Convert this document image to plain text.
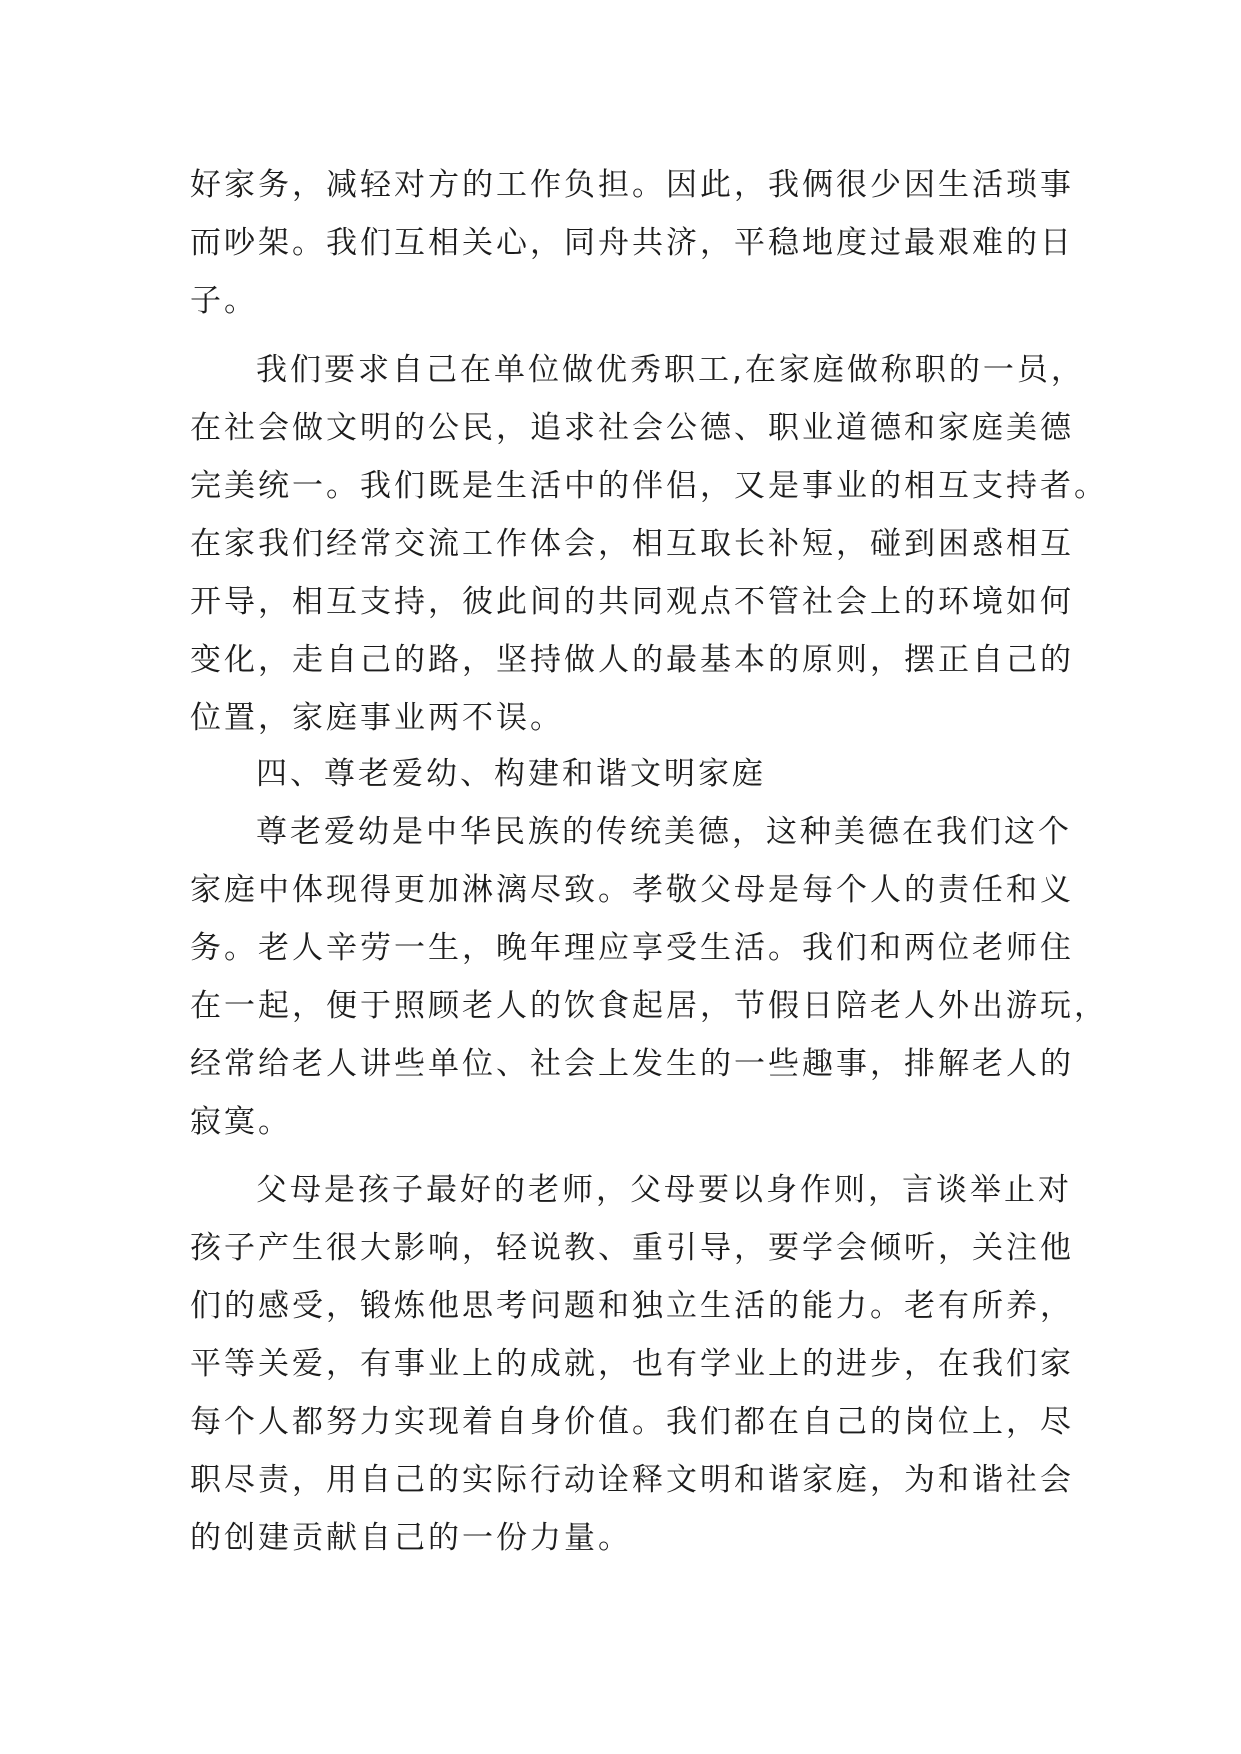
好家务，减轻对方的工作负担。因此，我俩很少因生活琐事
而吵架。我们互相关心，同舟共济，平稳地度过最艰难的日
子。
我们要求自己在单位做优秀职工,在家庭做称职的一员，
在社会做文明的公民，追求社会公德、职业道德和家庭美德
完美统一。我们既是生活中的伴侣，又是事业的相互支持者。
在家我们经常交流工作体会，相互取长补短，碰到困惑相互
开导，相互支持，彼此间的共同观点不管社会上的环境如何
变化，走自己的路，坚持做人的最基本的原则，摆正自己的
位置，家庭事业两不误。
四、尊老爱幼、构建和谐文明家庭
尊老爱幼是中华民族的传统美德，这种美德在我们这个
家庭中体现得更加淋漓尽致。孝敬父母是每个人的责任和义
务。老人辛劳一生，晚年理应享受生活。我们和两位老师住
在一起，便于照顾老人的饮食起居，节假日陪老人外出游玩，
经常给老人讲些单位、社会上发生的一些趣事，排解老人的
寂寞。
父母是孩子最好的老师，父母要以身作则，言谈举止对
孩子产生很大影响，轻说教、重引导，要学会倾听，关注他
们的感受，锻炼他思考问题和独立生活的能力。老有所养，
平等关爱，有事业上的成就，也有学业上的进步，在我们家
每个人都努力实现着自身价值。我们都在自己的岗位上，尽
职尽责，用自己的实际行动诠释文明和谐家庭，为和谐社会
的创建贡献自己的一份力量。
